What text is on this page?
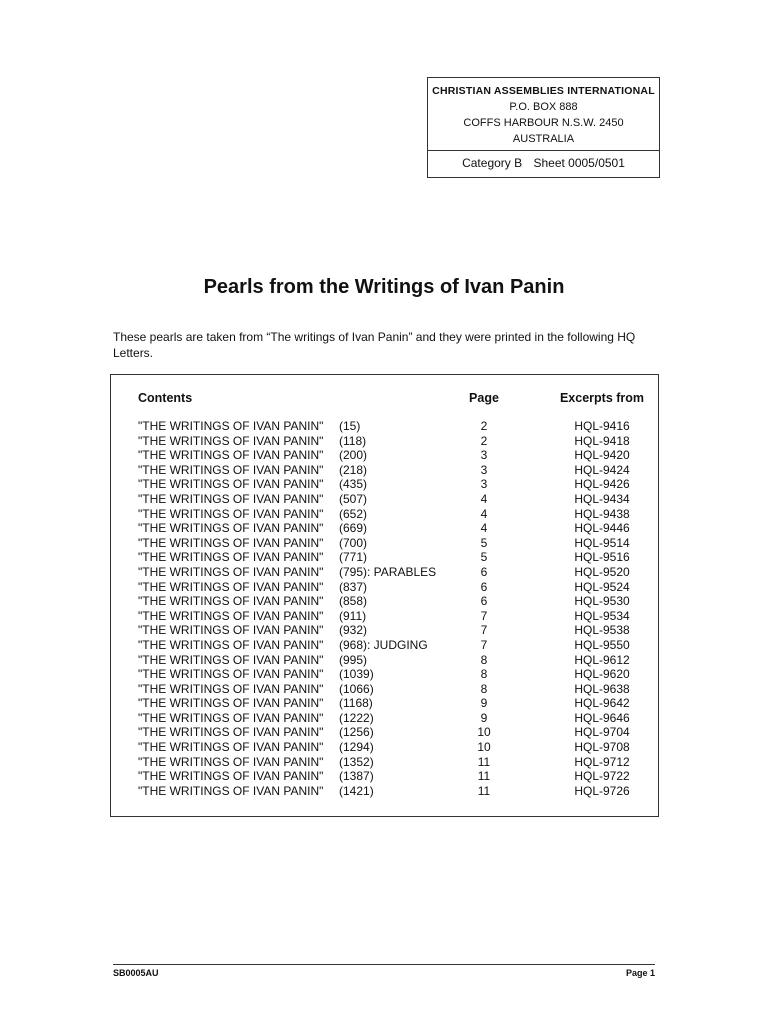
CHRISTIAN ASSEMBLIES INTERNATIONAL
P.O. BOX 888
COFFS HARBOUR N.S.W. 2450
AUSTRALIA
Category B Sheet 0005/0501
Pearls from the Writings of Ivan Panin

These pearls are taken from “The writings of Ivan Panin” and they were printed in the following HQ Letters.

Contents	Page	Excerpts from
"THE WRITINGS OF IVAN PANIN" (15)	2	HQL-9416
"THE WRITINGS OF IVAN PANIN" (118)	2	HQL-9418
"THE WRITINGS OF IVAN PANIN" (200)	3	HQL-9420
"THE WRITINGS OF IVAN PANIN" (218)	3	HQL-9424
"THE WRITINGS OF IVAN PANIN" (435)	3	HQL-9426
"THE WRITINGS OF IVAN PANIN" (507)	4	HQL-9434
"THE WRITINGS OF IVAN PANIN" (652)	4	HQL-9438
"THE WRITINGS OF IVAN PANIN" (669)	4	HQL-9446
"THE WRITINGS OF IVAN PANIN" (700)	5	HQL-9514
"THE WRITINGS OF IVAN PANIN" (771)	5	HQL-9516
"THE WRITINGS OF IVAN PANIN" (795): PARABLES	6	HQL-9520
"THE WRITINGS OF IVAN PANIN" (837)	6	HQL-9524
"THE WRITINGS OF IVAN PANIN" (858)	6	HQL-9530
"THE WRITINGS OF IVAN PANIN" (911)	7	HQL-9534
"THE WRITINGS OF IVAN PANIN" (932)	7	HQL-9538
"THE WRITINGS OF IVAN PANIN" (968): JUDGING	7	HQL-9550
"THE WRITINGS OF IVAN PANIN" (995)	8	HQL-9612
"THE WRITINGS OF IVAN PANIN" (1039)	8	HQL-9620
"THE WRITINGS OF IVAN PANIN" (1066)	8	HQL-9638
"THE WRITINGS OF IVAN PANIN" (1168)	9	HQL-9642
"THE WRITINGS OF IVAN PANIN" (1222)	9	HQL-9646
"THE WRITINGS OF IVAN PANIN" (1256)	10	HQL-9704
"THE WRITINGS OF IVAN PANIN" (1294)	10	HQL-9708
"THE WRITINGS OF IVAN PANIN" (1352)	11	HQL-9712
"THE WRITINGS OF IVAN PANIN" (1387)	11	HQL-9722
"THE WRITINGS OF IVAN PANIN" (1421)	11	HQL-9726
SB0005AU	Page 1
